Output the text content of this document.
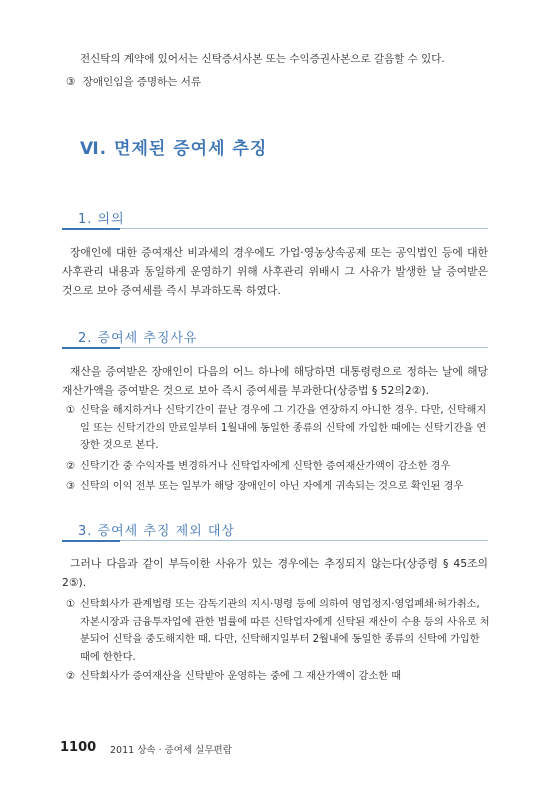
전신탁의 계약에 있어서는 신탁증서사본 또는 수익증권사본으로 갈음할 수 있다.
③ 장애인임을 증명하는 서류
Ⅵ. 면제된 증여세 추징
1. 의의
장애인에 대한 증여재산 비과세의 경우에도 가업·영농상속공제 또는 공익법인 등에 대한 사후관리 내용과 동일하게 운영하기 위해 사후관리 위배시 그 사유가 발생한 날 증여받은 것으로 보아 증여세를 즉시 부과하도록 하였다.
2. 증여세 추징사유
재산을 증여받은 장애인이 다음의 어느 하나에 해당하면 대통령령으로 정하는 날에 해당 재산가액을 증여받은 것으로 보아 즉시 증여세를 부과한다(상증법 § 52의2②).
① 신탁을 해지하거나 신탁기간이 끝난 경우에 그 기간을 연장하지 아니한 경우. 다만, 신탁해지일 또는 신탁기간의 만료일부터 1월내에 동일한 종류의 신탁에 가입한 때에는 신탁기간을 연장한 것으로 본다.
② 신탁기간 중 수익자를 변경하거나 신탁업자에게 신탁한 증여재산가액이 감소한 경우
③ 신탁의 이익 전부 또는 일부가 해당 장애인이 아닌 자에게 귀속되는 것으로 확인된 경우
3. 증여세 추징 제외 대상
그러나 다음과 같이 부득이한 사유가 있는 경우에는 추징되지 않는다(상증령 § 45조의2⑤).
① 신탁회사가 관계법령 또는 감독기관의 지시·명령 등에 의하여 영업정지·영업폐쇄·허가취소, 자본시장과 금융투자업에 관한 법률에 따른 신탁업자에게 신탁된 재산이 수용 등의 사유로 처분되어 신탁을 중도해지한 때. 다만, 신탁해지일부터 2월내에 동일한 종류의 신탁에 가입한 때에 한한다.
② 신탁회사가 증여재산을 신탁받아 운영하는 중에 그 재산가액이 감소한 때
1100 2011 상속 · 증여세 실무편람
